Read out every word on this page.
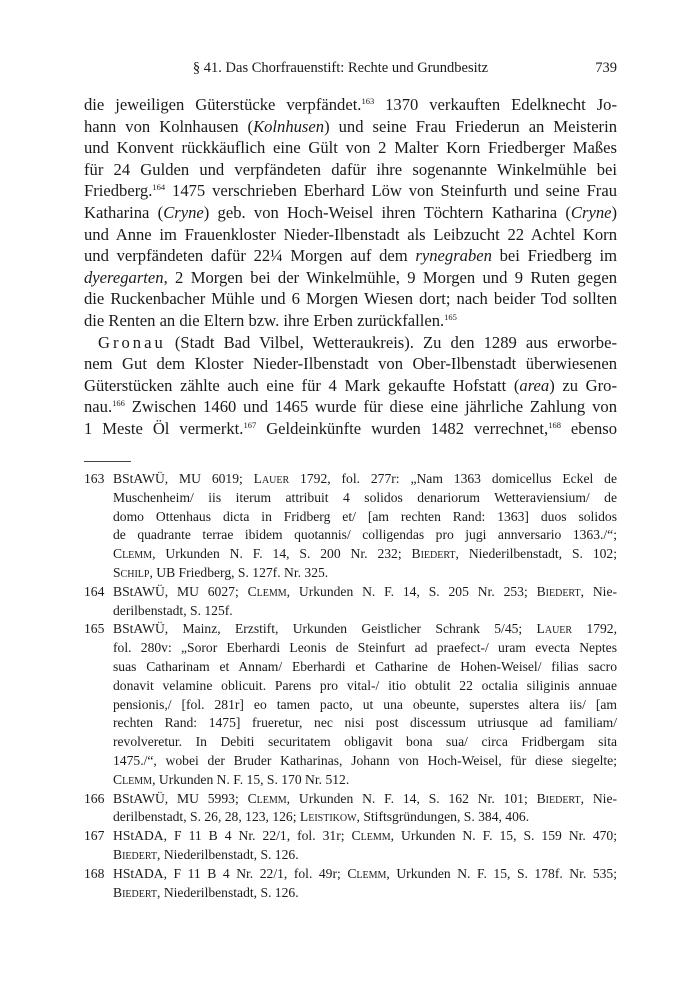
§ 41. Das Chorfrauenstift: Rechte und Grundbesitz	739
die jeweiligen Güterstücke verpfändet.$^{163}$ 1370 verkauften Edelknecht Jo-
hann von Kolnhausen (Kolnhusen) und seine Frau Friederun an Meisterin
und Konvent rückkäuflich eine Gült von 2 Malter Korn Friedberger Maßes
für 24 Gulden und verpfändeten dafür ihre sogenannte Winkelmühle bei
Friedberg.$^{164}$ 1475 verschrieben Eberhard Löw von Steinfurth und seine Frau
Katharina (Cryne) geb. von Hoch-Weisel ihren Töchtern Katharina (Cryne)
und Anne im Frauenkloster Nieder-Ilbenstadt als Leibzucht 22 Achtel Korn
und verpfändeten dafür 22¼ Morgen auf dem rynegraben bei Friedberg im
dyeregarten, 2 Morgen bei der Winkelmühle, 9 Morgen und 9 Ruten gegen
die Ruckenbacher Mühle und 6 Morgen Wiesen dort; nach beider Tod sollten
die Renten an die Eltern bzw. ihre Erben zurückfallen.$^{165}$
Gronau (Stadt Bad Vilbel, Wetteraukreis). Zu den 1289 aus erworbe-
nem Gut dem Kloster Nieder-Ilbenstadt von Ober-Ilbenstadt überwiesenen
Güterstücken zählte auch eine für 4 Mark gekaufte Hofstatt (area) zu Gro-
nau.$^{166}$ Zwischen 1460 und 1465 wurde für diese eine jährliche Zahlung von
1 Meste Öl vermerkt.$^{167}$ Geldeinkünfte wurden 1482 verrechnet,$^{168}$ ebenso
163 BStAWÜ, MU 6019; Lauer 1792, fol. 277r: „Nam 1363 domicellus Eckel de
Muschenheim/ iis iterum attribuit 4 solidos denariorum Wetteraviensium/ de
domo Ottenhaus dicta in Fridberg et/ [am rechten Rand: 1363] duos solidos
de quadrante terrae ibidem quotannis/ colligendas pro jugi annversario 1363./“;
Clemm, Urkunden N. F. 14, S. 200 Nr. 232; Biedert, Niederilbenstadt, S. 102;
Schilp, UB Friedberg, S. 127f. Nr. 325.
164 BStAWÜ, MU 6027; Clemm, Urkunden N. F. 14, S. 205 Nr. 253; Biedert, Nie-
derilbenstadt, S. 125f.
165 BStAWÜ, Mainz, Erzstift, Urkunden Geistlicher Schrank 5/45; Lauer 1792,
fol. 280v: „Soror Eberhardi Leonis de Steinfurt ad praefect-/ uram evecta Neptes
suas Catharinam et Annam/ Eberhardi et Catharine de Hohen-Weisel/ filias sacro
donavit velamine oblicuit. Parens pro vital-/ itio obtulit 22 octalia siliginis annuae
pensionis,/ [fol. 281r] eo tamen pacto, ut una obeunte, superstes altera iis/ [am
rechten Rand: 1475] frueretur, nec nisi post discessum utriusque ad familiam/
revolveretur. In Debiti securitatem obligavit bona sua/ circa Fridbergam sita
1475./“, wobei der Bruder Katharinas, Johann von Hoch-Weisel, für diese siegelte;
Clemm, Urkunden N. F. 15, S. 170 Nr. 512.
166 BStAWÜ, MU 5993; Clemm, Urkunden N. F. 14, S. 162 Nr. 101; Biedert, Nie-
derilbenstadt, S. 26, 28, 123, 126; Leistikow, Stiftsgründungen, S. 384, 406.
167 HStADA, F 11 B 4 Nr. 22/1, fol. 31r; Clemm, Urkunden N. F. 15, S. 159 Nr. 470;
Biedert, Niederilbenstadt, S. 126.
168 HStADA, F 11 B 4 Nr. 22/1, fol. 49r; Clemm, Urkunden N. F. 15, S. 178f. Nr. 535;
Biedert, Niederilbenstadt, S. 126.
